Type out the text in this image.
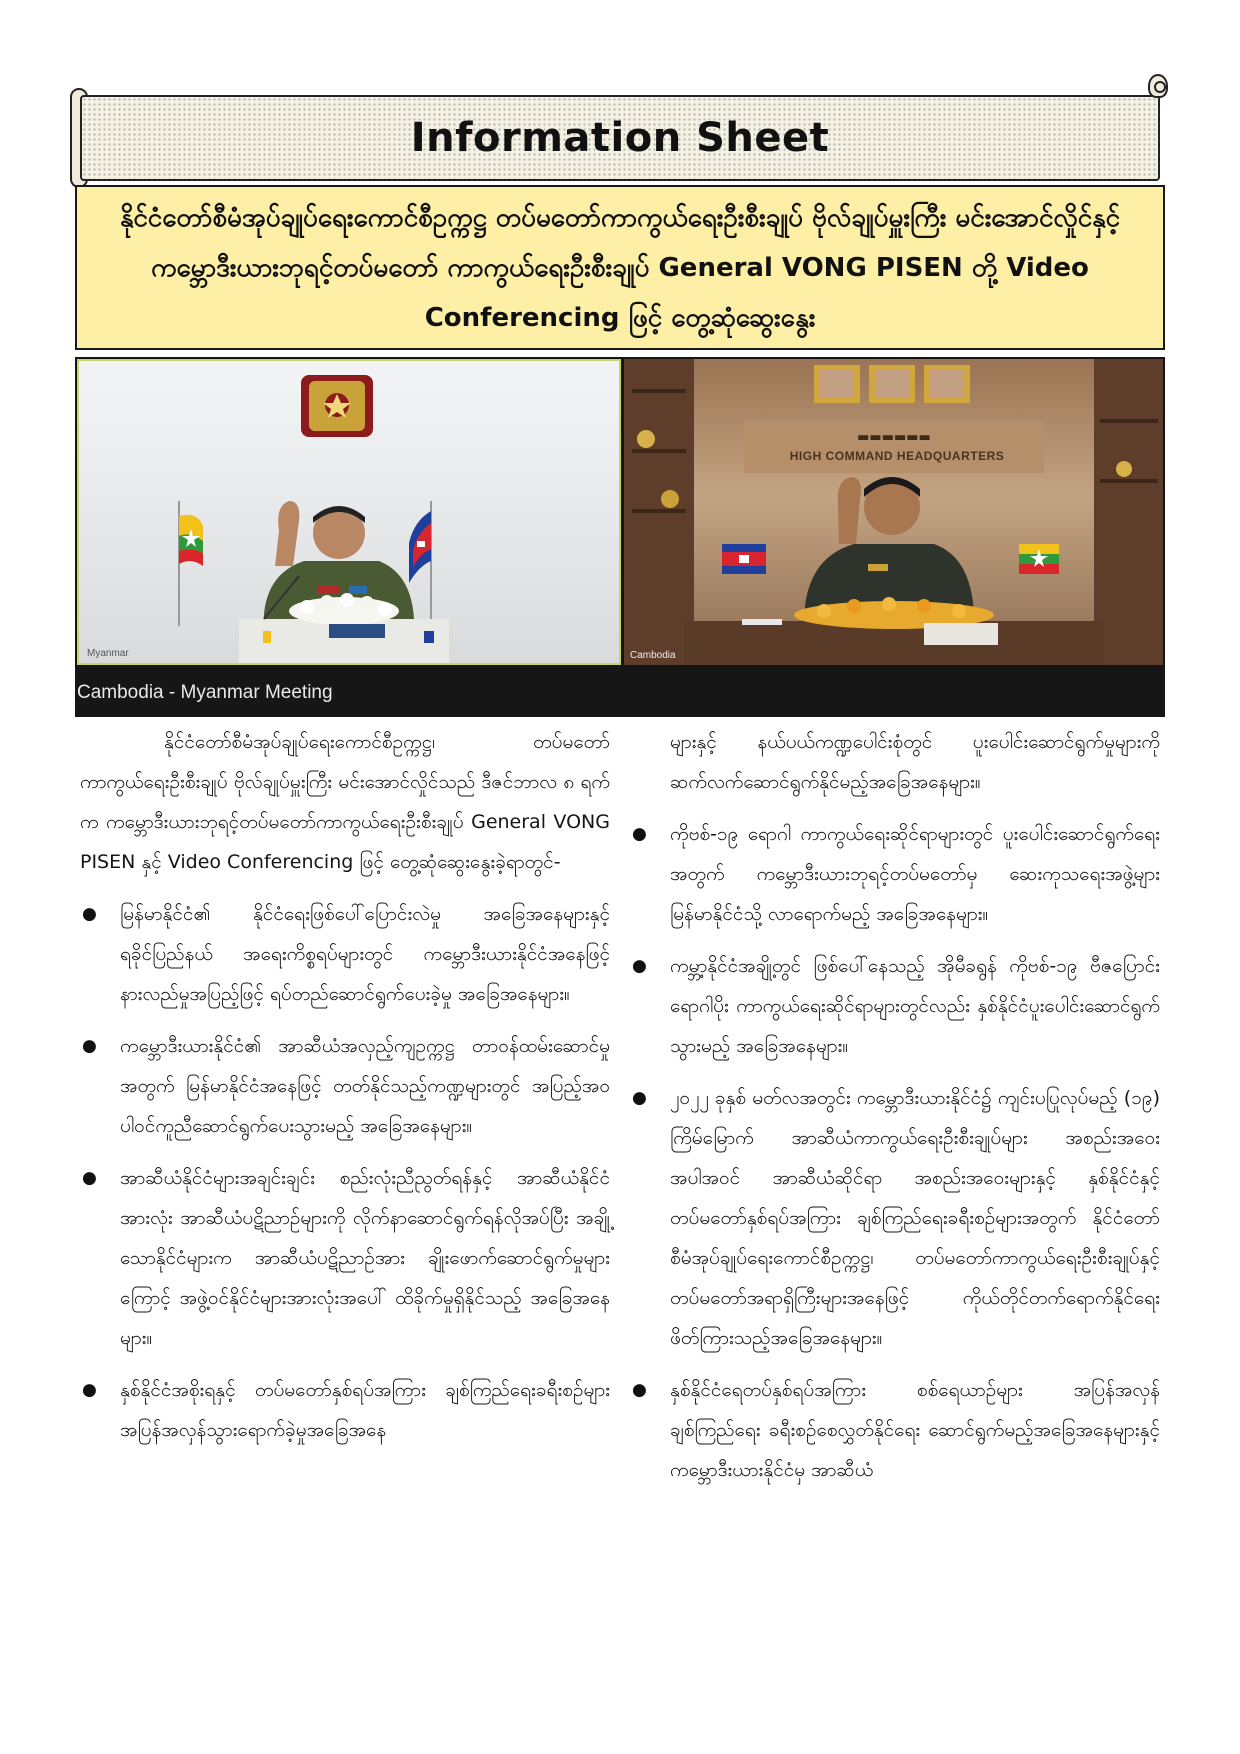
Information Sheet
နိုင်ငံတော်စီမံအုပ်ချုပ်ရေးကောင်စီဥက္ကဋ္ဌ တပ်မတော်ကာကွယ်ရေးဦးစီးချုပ် ဗိုလ်ချုပ်မှူးကြီး မင်းအောင်လှိုင်နှင့် ကမ္ဘောဒီးယားဘုရင့်တပ်မတော် ကာကွယ်ရေးဦးစီးချုပ် General VONG PISEN တို့ Video Conferencing ဖြင့် တွေ့ဆုံဆွေးနွေး
Myanmar
▬▬▬▬▬▬
HIGH COMMAND HEADQUARTERS
Cambodia
Cambodia - Myanmar Meeting

နိုင်ငံတော်စီမံအုပ်ချုပ်ရေးကောင်စီဥက္ကဋ္ဌ၊ တပ်မတော်ကာကွယ်ရေးဦးစီးချုပ် ဗိုလ်ချုပ်မှူးကြီး မင်းအောင်လှိုင်သည် ဒီဇင်ဘာလ ၈ ရက်က ကမ္ဘောဒီးယားဘုရင့်တပ်မတော်ကာကွယ်ရေးဦးစီးချုပ် General VONG PISEN နှင့် Video Conferencing ဖြင့် တွေ့ဆုံဆွေးနွေးခဲ့ရာတွင်-

● မြန်မာနိုင်ငံ၏ နိုင်ငံရေးဖြစ်ပေါ်ပြောင်းလဲမှု အခြေအနေများနှင့် ရခိုင်ပြည်နယ် အရေးကိစ္စရပ်များတွင် ကမ္ဘောဒီးယားနိုင်ငံအနေဖြင့် နားလည်မှုအပြည့်ဖြင့် ရပ်တည်ဆောင်ရွက်ပေးခဲ့မှု အခြေအနေများ။
● ကမ္ဘောဒီးယားနိုင်ငံ၏ အာဆီယံအလှည့်ကျဥက္ကဋ္ဌ တာဝန်ထမ်းဆောင်မှုအတွက် မြန်မာနိုင်ငံအနေဖြင့် တတ်နိုင်သည့်ကဏ္ဍများတွင် အပြည့်အဝ ပါဝင်ကူညီဆောင်ရွက်ပေးသွားမည့် အခြေအနေများ။
● အာဆီယံနိုင်ငံများအချင်းချင်း စည်းလုံးညီညွတ်ရန်နှင့် အာဆီယံနိုင်ငံအားလုံး အာဆီယံပဋိညာဉ်များကို လိုက်နာဆောင်ရွက်ရန်လိုအပ်ပြီး အချို့သောနိုင်ငံများက အာဆီယံပဋိညာဉ်အား ချိုးဖောက်ဆောင်ရွက်မှုများကြောင့် အဖွဲ့ဝင်နိုင်ငံများအားလုံးအပေါ် ထိခိုက်မှုရှိနိုင်သည့် အခြေအနေများ။
● နှစ်နိုင်ငံအစိုးရနှင့် တပ်မတော်နှစ်ရပ်အကြား ချစ်ကြည်ရေးခရီးစဉ်များ အပြန်အလှန်သွားရောက်ခဲ့မှုအခြေအနေ

များနှင့် နယ်ပယ်ကဏ္ဍပေါင်းစုံတွင် ပူးပေါင်းဆောင်ရွက်မှုများကို ဆက်လက်ဆောင်ရွက်နိုင်မည့်အခြေအနေများ။

● ကိုဗစ်-၁၉ ရောဂါ ကာကွယ်ရေးဆိုင်ရာများတွင် ပူးပေါင်းဆောင်ရွက်ရေးအတွက် ကမ္ဘောဒီးယားဘုရင့်တပ်မတော်မှ ဆေးကုသရေးအဖွဲ့များ မြန်မာနိုင်ငံသို့ လာရောက်မည့် အခြေအနေများ။
● ကမ္ဘာ့နိုင်ငံအချို့တွင် ဖြစ်ပေါ်နေသည့် အိုမီခရွန် ကိုဗစ်-၁၉ ဗီဇပြောင်းရောဂါပိုး ကာကွယ်ရေးဆိုင်ရာများတွင်လည်း နှစ်နိုင်ငံပူးပေါင်းဆောင်ရွက်သွားမည့် အခြေအနေများ။
● ၂၀၂၂ ခုနှစ် မတ်လအတွင်း ကမ္ဘောဒီးယားနိုင်ငံ၌ ကျင်းပပြုလုပ်မည့် (၁၉) ကြိမ်မြောက် အာဆီယံကာကွယ်ရေးဦးစီးချုပ်များ အစည်းအဝေးအပါအဝင် အာဆီယံဆိုင်ရာ အစည်းအဝေးများနှင့် နှစ်နိုင်ငံနှင့် တပ်မတော်နှစ်ရပ်အကြား ချစ်ကြည်ရေးခရီးစဉ်များအတွက် နိုင်ငံတော်စီမံအုပ်ချုပ်ရေးကောင်စီဥက္ကဋ္ဌ၊ တပ်မတော်ကာကွယ်ရေးဦးစီးချုပ်နှင့် တပ်မတော်အရာရှိကြီးများအနေဖြင့် ကိုယ်တိုင်တက်ရောက်နိုင်ရေး ဖိတ်ကြားသည့်အခြေအနေများ။
● နှစ်နိုင်ငံရေတပ်နှစ်ရပ်အကြား စစ်ရေယာဉ်များ အပြန်အလှန်ချစ်ကြည်ရေး ခရီးစဉ်စေလွှတ်နိုင်ရေး ဆောင်ရွက်မည့်အခြေအနေများနှင့် ကမ္ဘောဒီးယားနိုင်ငံမှ အာဆီယံ
